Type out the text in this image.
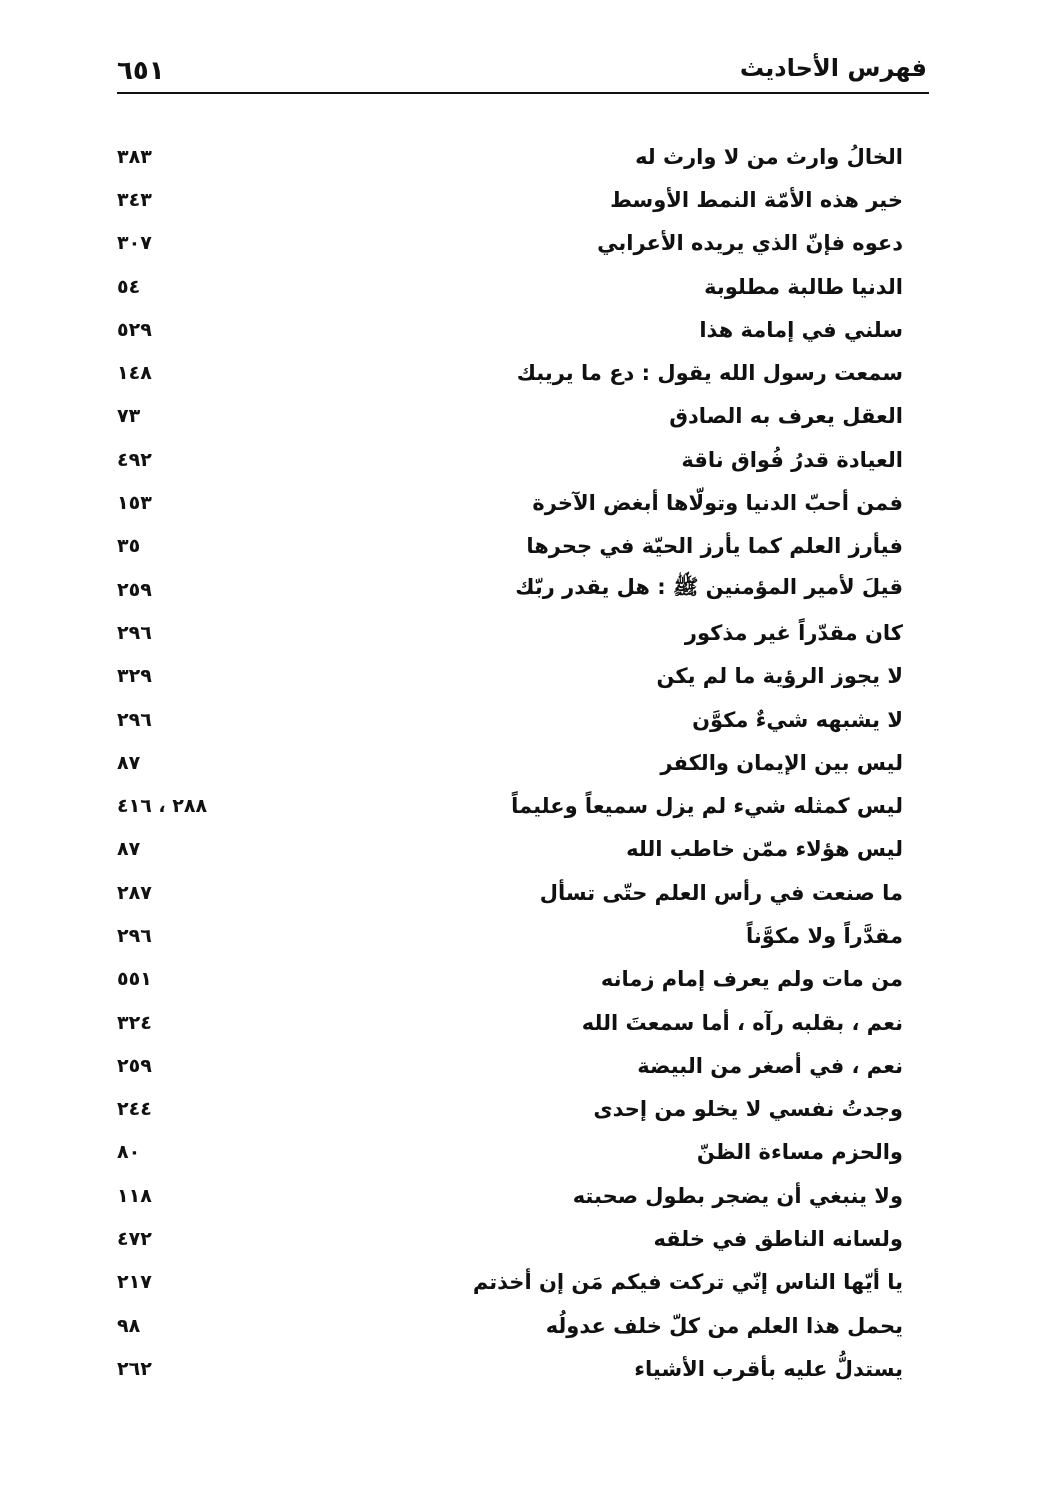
٦٥١	فهرس الأحاديث
٣٨٣	الخالُ وارث من لا وارث له
٣٤٣	خير هذه الأمّة النمط الأوسط
٣٠٧	دعوه فإنّ الذي يريده الأعرابي
٥٤	الدنيا طالبة مطلوبة
٥٢٩	سلني في إمامة هذا
١٤٨	سمعت رسول الله يقول : دع ما يريبك
٧٣	العقل يعرف به الصادق
٤٩٢	العيادة قدرُ فُواق ناقة
١٥٣	فمن أحبّ الدنيا وتولّاها أبغض الآخرة
٣٥	فيأرز العلم كما يأرز الحيّة في جحرها
٢٥٩	قيلَ لأمير المؤمنين ﷺ : هل يقدر ربّك
٢٩٦	كان مقدّراً غير مذكور
٣٢٩	لا يجوز الرؤية ما لم يكن
٢٩٦	لا يشبهه شيءٌ مكوَّن
٨٧	ليس بين الإيمان والكفر
٢٨٨ ، ٤١٦	ليس كمثله شيء لم يزل سميعاً وعليماً
٨٧	ليس هؤلاء ممّن خاطب الله
٢٨٧	ما صنعت في رأس العلم حتّى تسأل
٢٩٦	مقدَّراً ولا مكوَّناً
٥٥١	من مات ولم يعرف إمام زمانه
٣٢٤	نعم ، بقلبه رآه ، أما سمعتَ الله
٢٥٩	نعم ، في أصغر من البيضة
٢٤٤	وجدتُ نفسي لا يخلو من إحدى
٨٠	والحزم مساءة الظنّ
١١٨	ولا ينبغي أن يضجر بطول صحبته
٤٧٢	ولسانه الناطق في خلقه
٢١٧	يا أيّها الناس إنّي تركت فيكم مَن إن أخذتم
٩٨	يحمل هذا العلم من كلّ خلف عدولُه
٢٦٢	يستدلُّ عليه بأقرب الأشياء
